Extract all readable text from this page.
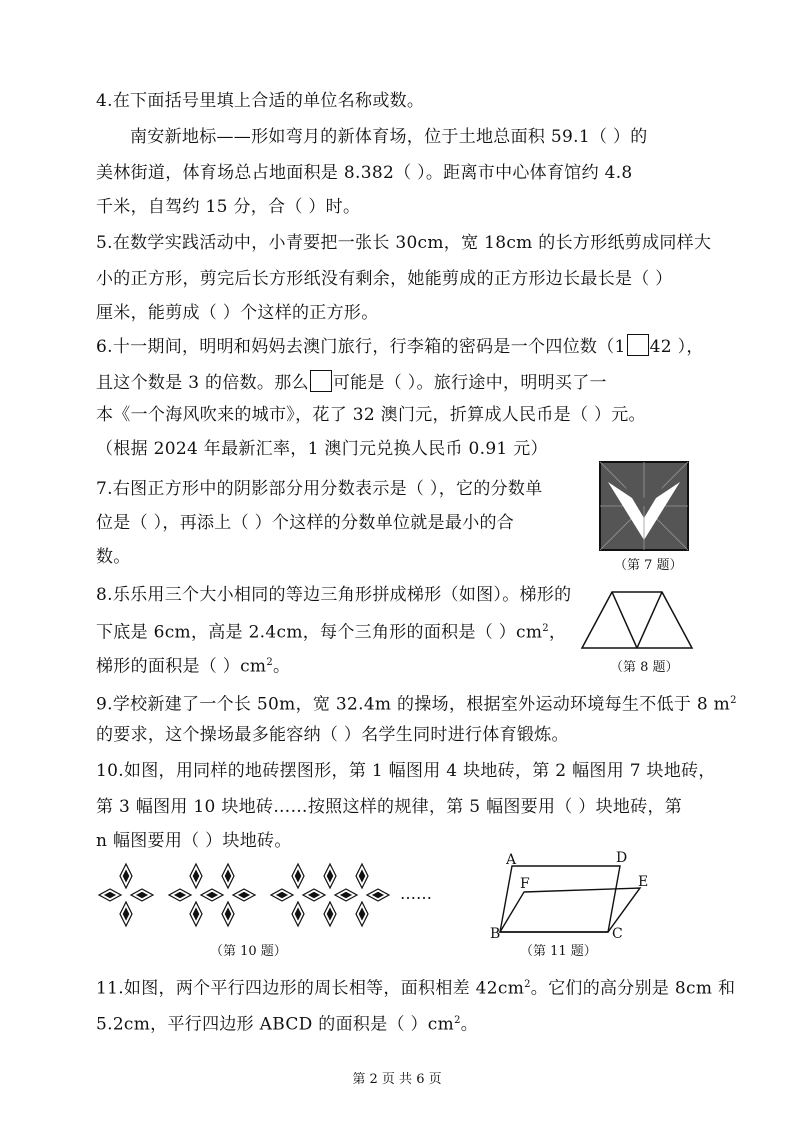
4.在下面括号里填上合适的单位名称或数。
南安新地标——形如弯月的新体育场，位于土地总面积 59.1（ ）的
美林街道，体育场总占地面积是 8.382（ ）。距离市中心体育馆约 4.8
千米，自驾约 15 分，合（ ）时。
5.在数学实践活动中，小青要把一张长 30cm，宽 18cm 的长方形纸剪成同样大
小的正方形，剪完后长方形纸没有剩余，她能剪成的正方形边长最长是（ ）
厘米，能剪成（ ）个这样的正方形。
6.十一期间，明明和妈妈去澳门旅行，行李箱的密码是一个四位数（1 42 ），
且这个数是 3 的倍数。那么 可能是（ ）。旅行途中，明明买了一
本《一个海风吹来的城市》，花了 32 澳门元，折算成人民币是（ ）元。
（根据 2024 年最新汇率，1 澳门元兑换人民币 0.91 元）
7.右图正方形中的阴影部分用分数表示是（ ），它的分数单
位是（ ），再添上（ ）个这样的分数单位就是最小的合
数。	（第 7 题）
8.乐乐用三个大小相同的等边三角形拼成梯形（如图）。梯形的
下底是 6cm，高是 2.4cm，每个三角形的面积是（ ）$cm^2$，
梯形的面积是（ ）$cm^2$。	（第 8 题）
9.学校新建了一个长 50m，宽 32.4m 的操场，根据室外运动环境每生不低于 8 $m^2$
的要求，这个操场最多能容纳（ ）名学生同时进行体育锻炼。
10.如图，用同样的地砖摆图形，第 1 幅图用 4 块地砖，第 2 幅图用 7 块地砖，
第 3 幅图用 10 块地砖……按照这样的规律，第 5 幅图要用（ ）块地砖，第
n 幅图要用（ ）块地砖。
……
（第 10 题）
A	D
F	E
B	C
（第 11 题）
11.如图，两个平行四边形的周长相等，面积相差 $42cm^2$。它们的高分别是 8cm 和
5.2cm，平行四边形 ABCD 的面积是（ ）$cm^2$。
第 2 页 共 6 页
